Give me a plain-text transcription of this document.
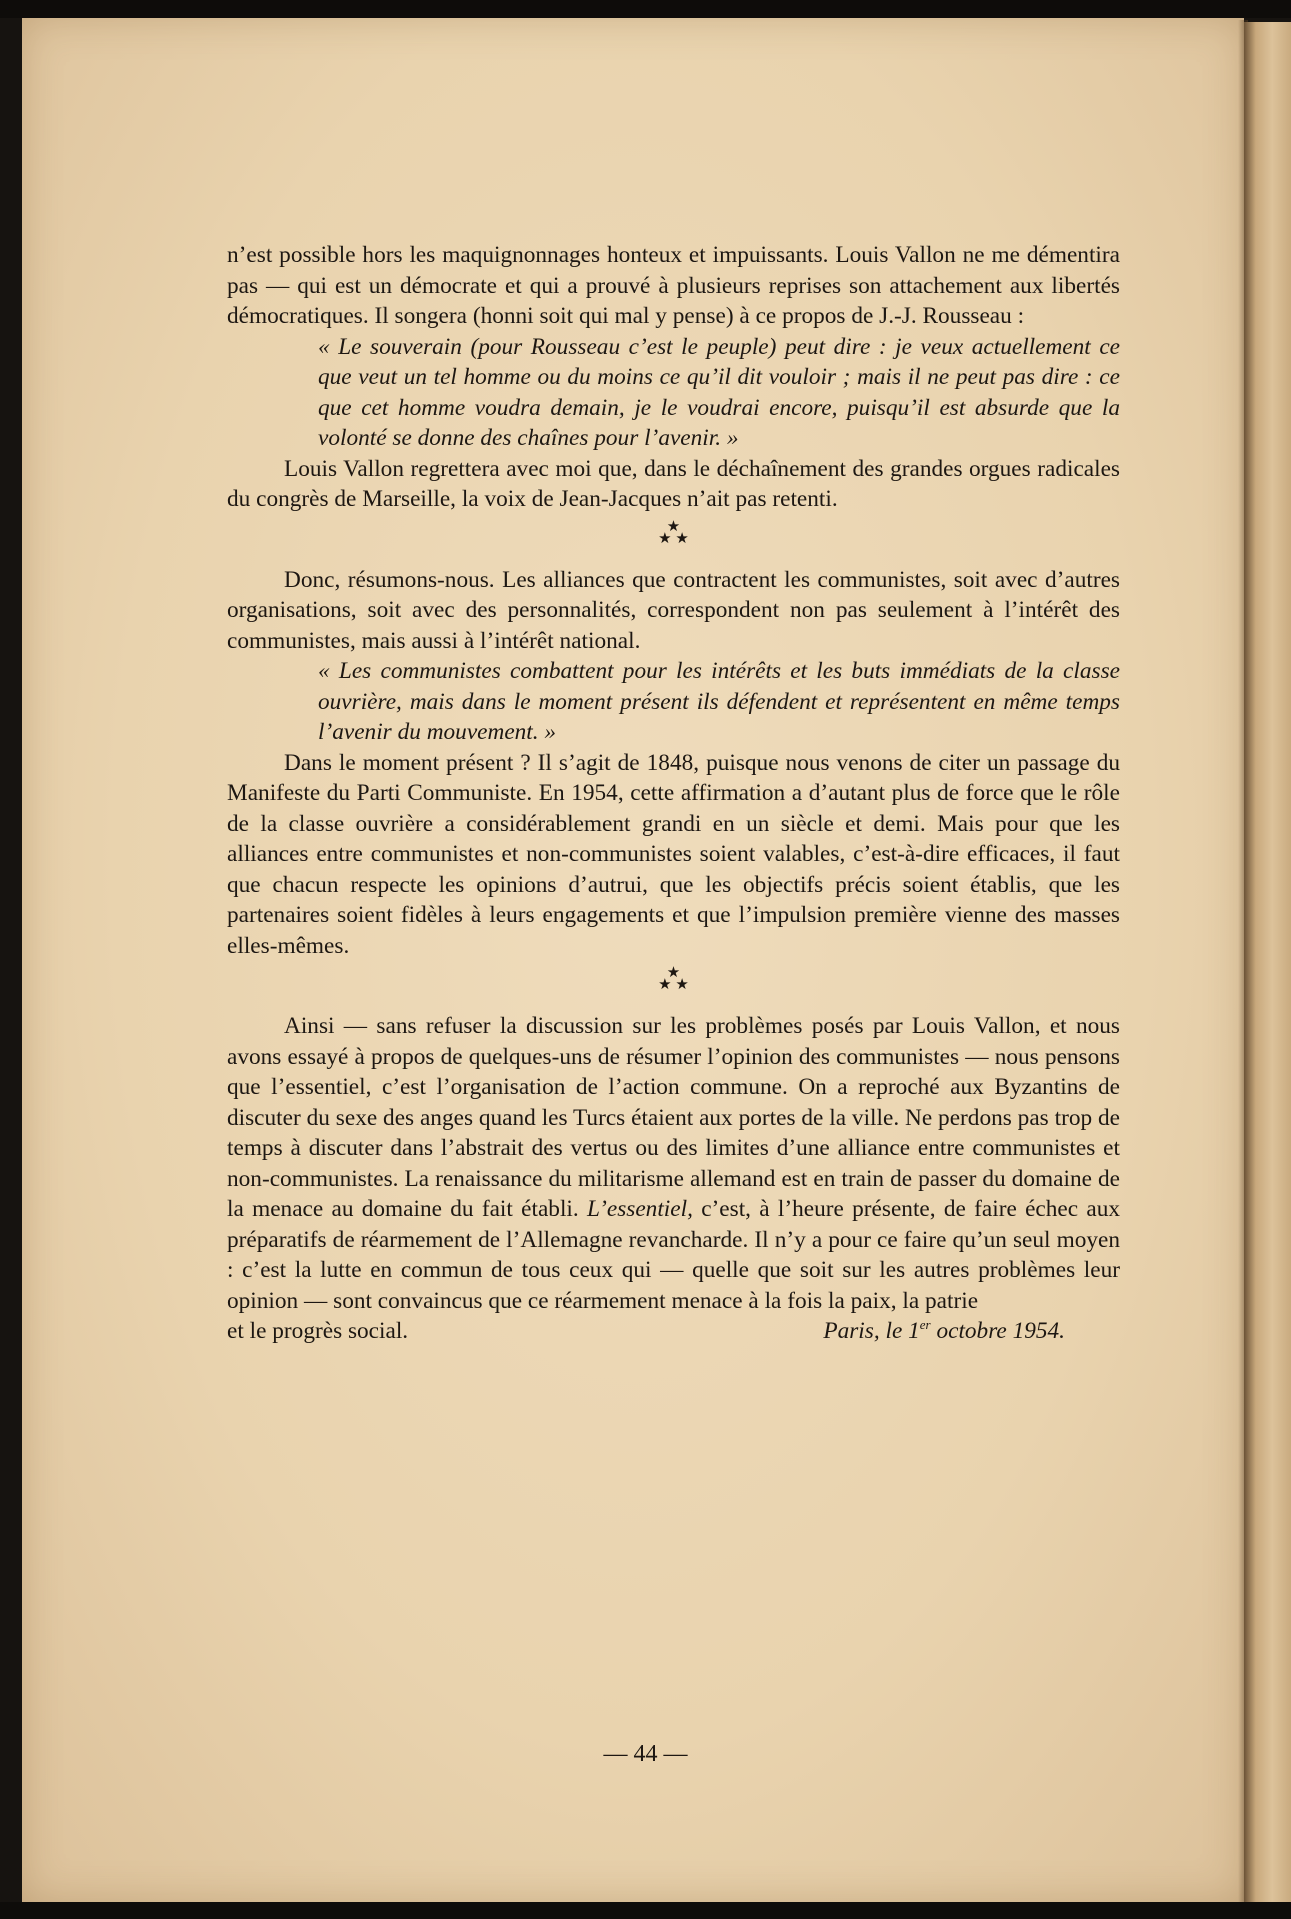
n’est possible hors les maquignonnages honteux et impuissants. Louis Vallon ne me démentira pas — qui est un démocrate et qui a prouvé à plusieurs reprises son attachement aux libertés démocratiques. Il songera (honni soit qui mal y pense) à ce propos de J.-J. Rousseau :

« Le souverain (pour Rousseau c’est le peuple) peut dire : je veux actuellement ce que veut un tel homme ou du moins ce qu’il dit vouloir ; mais il ne peut pas dire : ce que cet homme voudra demain, je le voudrai encore, puisqu’il est absurde que la volonté se donne des chaînes pour l’avenir. »

Louis Vallon regrettera avec moi que, dans le déchaînement des grandes orgues radicales du congrès de Marseille, la voix de Jean-Jacques n’ait pas retenti.

★
★ ★

Donc, résumons-nous. Les alliances que contractent les communistes, soit avec d’autres organisations, soit avec des personnalités, correspondent non pas seulement à l’intérêt des communistes, mais aussi à l’intérêt national.

« Les communistes combattent pour les intérêts et les buts immédiats de la classe ouvrière, mais dans le moment présent ils défendent et représentent en même temps l’avenir du mouvement. »

Dans le moment présent ? Il s’agit de 1848, puisque nous venons de citer un passage du Manifeste du Parti Communiste. En 1954, cette affirmation a d’autant plus de force que le rôle de la classe ouvrière a considérablement grandi en un siècle et demi. Mais pour que les alliances entre communistes et non-communistes soient valables, c’est-à-dire efficaces, il faut que chacun respecte les opinions d’autrui, que les objectifs précis soient établis, que les partenaires soient fidèles à leurs engagements et que l’impulsion première vienne des masses elles-mêmes.

★
★ ★

Ainsi — sans refuser la discussion sur les problèmes posés par Louis Vallon, et nous avons essayé à propos de quelques-uns de résumer l’opinion des communistes — nous pensons que l’essentiel, c’est l’organisation de l’action commune. On a reproché aux Byzantins de discuter du sexe des anges quand les Turcs étaient aux portes de la ville. Ne perdons pas trop de temps à discuter dans l’abstrait des vertus ou des limites d’une alliance entre communistes et non-communistes. La renaissance du militarisme allemand est en train de passer du domaine de la menace au domaine du fait établi. L’essentiel, c’est, à l’heure présente, de faire échec aux préparatifs de réarmement de l’Allemagne revancharde. Il n’y a pour ce faire qu’un seul moyen : c’est la lutte en commun de tous ceux qui — quelle que soit sur les autres problèmes leur opinion — sont convaincus que ce réarmement menace à la fois la paix, la patrie

et le progrès social.	Paris, le 1er octobre 1954.
— 44 —
